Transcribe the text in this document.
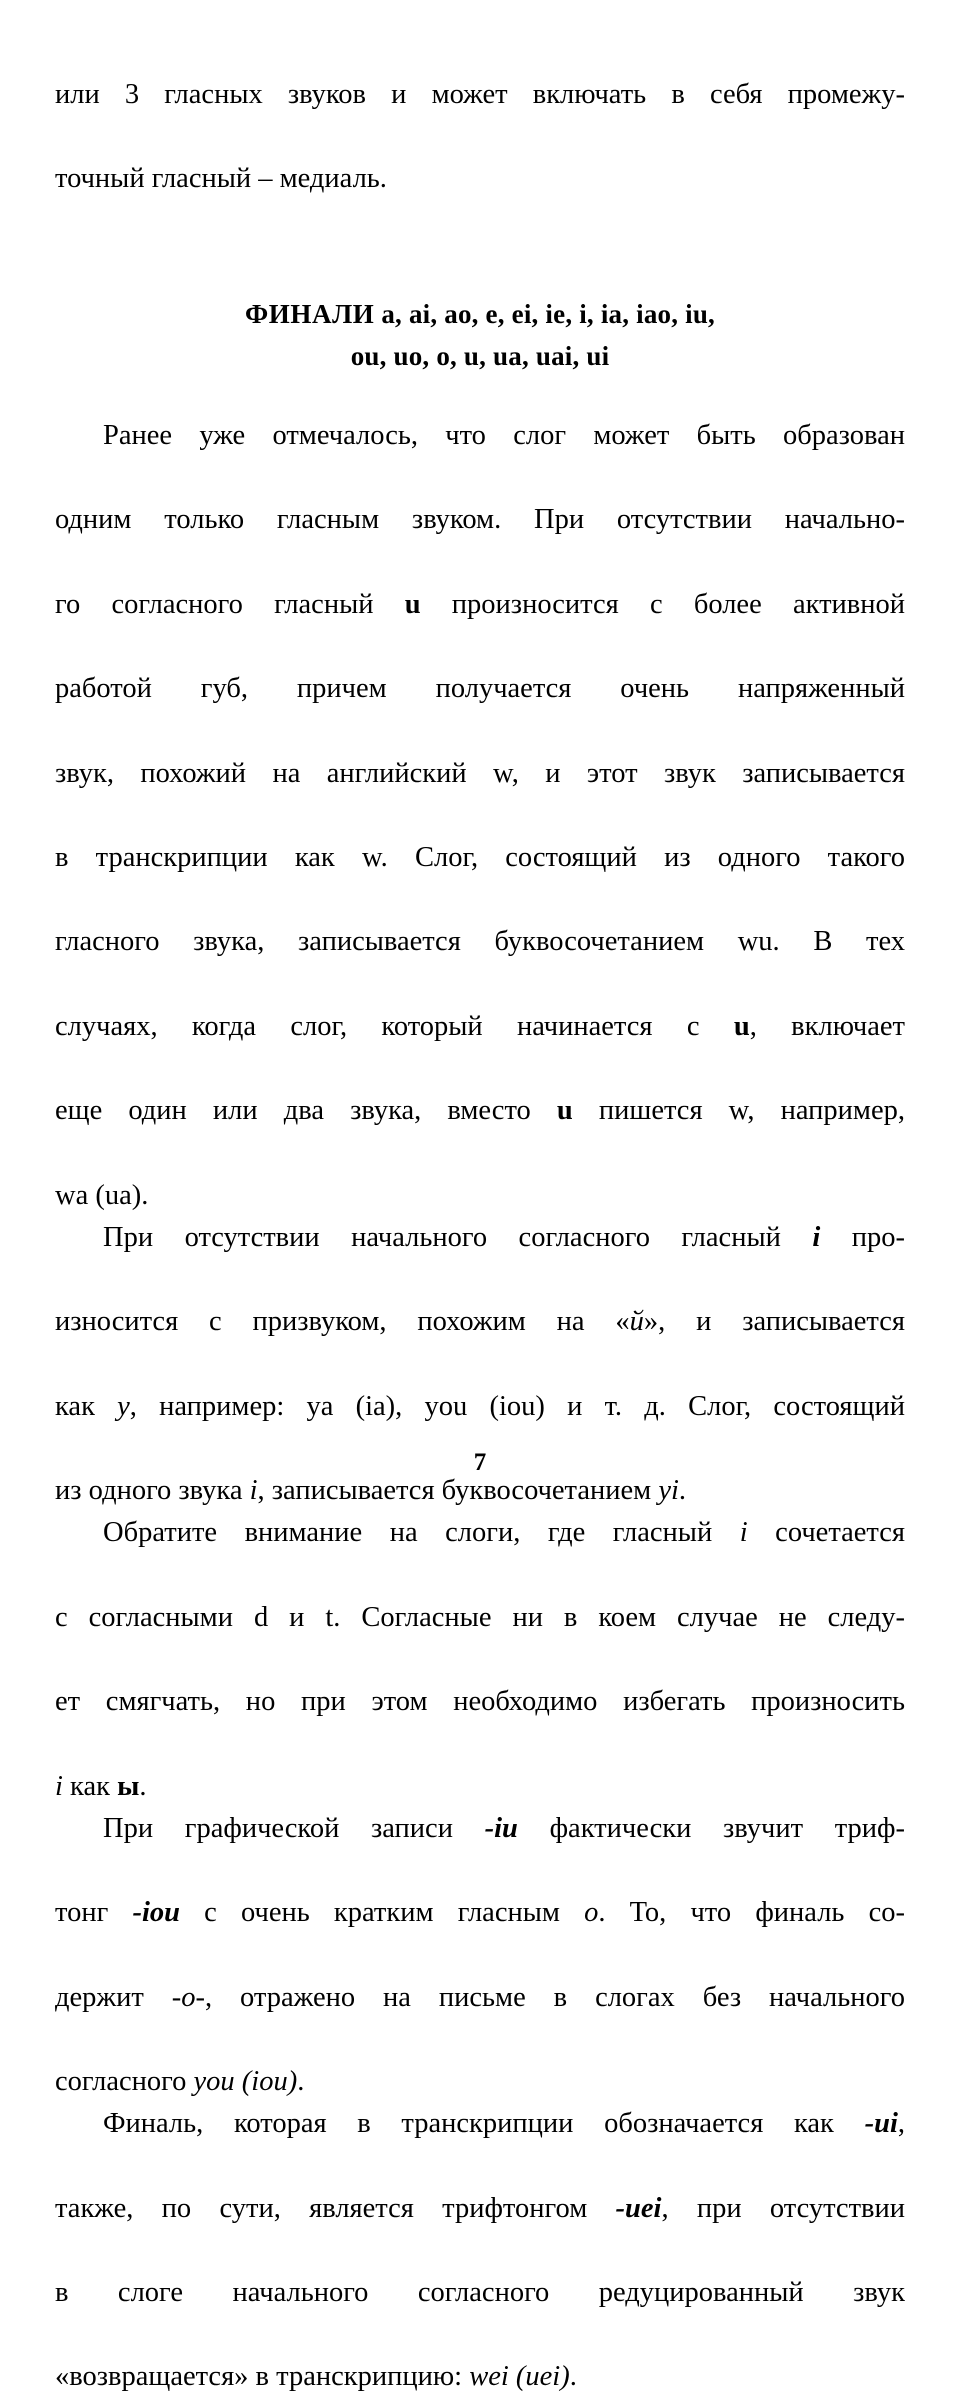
или 3 гласных звуков и может включать в себя промежу-
точный гласный – медиаль.

ФИНАЛИ a, ai, ao, e, ei, ie, i, ia, iao, iu,
ou, uo, o, u, ua, uai, ui

Ранее уже отмечалось, что слог может быть образован
одним только гласным звуком. При отсутствии начально-
го согласного гласный u произносится с более активной
работой губ, причем получается очень напряженный
звук, похожий на английский w, и этот звук записывается
в транскрипции как w. Слог, состоящий из одного такого
гласного звука, записывается буквосочетанием wu. В тех
случаях, когда слог, который начинается с u, включает
еще один или два звука, вместо u пишется w, например,
wa (ua).

При отсутствии начального согласного гласный i про-
износится с призвуком, похожим на «й», и записывается
как y, например: ya (ia), you (iou) и т. д. Слог, состоящий
из одного звука i, записывается буквосочетанием yi.

Обратите внимание на слоги, где гласный i сочетается
с согласными d и t. Согласные ни в коем случае не следу-
ет смягчать, но при этом необходимо избегать произносить
i как ы.

При графической записи -iu фактически звучит триф-
тонг -iou с очень кратким гласным o. То, что финаль со-
держит -o-, отражено на письме в слогах без начального
согласного you (iou).

Финаль, которая в транскрипции обозначается как -ui,
также, по сути, является трифтонгом -uei, при отсутствии
в слоге начального согласного редуцированный звук
«возвращается» в транскрипцию: wei (uei).

7
